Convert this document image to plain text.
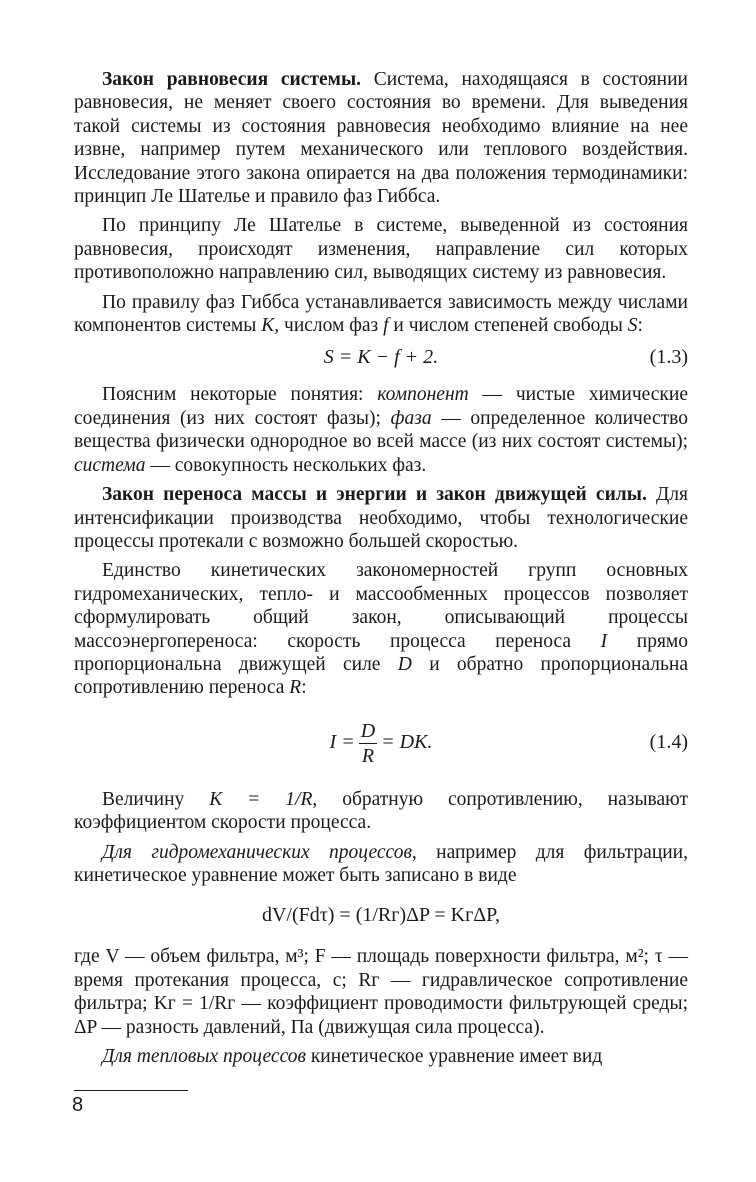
Закон равновесия системы. Система, находящаяся в состоянии равновесия, не меняет своего состояния во времени. Для выведения такой системы из состояния равновесия необходимо влияние на нее извне, например путем механического или теплового воздействия. Исследование этого закона опирается на два положения термодинамики: принцип Ле Шателье и правило фаз Гиббса.

По принципу Ле Шателье в системе, выведенной из состояния равновесия, происходят изменения, направление сил которых противоположно направлению сил, выводящих систему из равновесия.

По правилу фаз Гиббса устанавливается зависимость между числами компонентов системы K, числом фаз f и числом степеней свободы S:

S = K − f + 2.	(1.3)

Поясним некоторые понятия: компонент — чистые химические соединения (из них состоят фазы); фаза — определенное количество вещества физически однородное во всей массе (из них состоят системы); система — совокупность нескольких фаз.

Закон переноса массы и энергии и закон движущей силы. Для интенсификации производства необходимо, чтобы технологические процессы протекали с возможно большей скоростью.

Единство кинетических закономерностей групп основных гидромеханических, тепло- и массообменных процессов позволяет сформулировать общий закон, описывающий процессы массоэнергопереноса: скорость процесса переноса I прямо пропорциональна движущей силе D и обратно пропорциональна сопротивлению переноса R:

$I = \frac{D}{R}$ = DK.	(1.4)

Величину K = 1/R, обратную сопротивлению, называют коэффициентом скорости процесса.

Для гидромеханических процессов, например для фильтрации, кинетическое уравнение может быть записано в виде

dV/(Fdτ) = (1/Rг)ΔP = KгΔP,

где V — объем фильтра, м³; F — площадь поверхности фильтра, м²; τ — время протекания процесса, с; Rг — гидравлическое сопротивление фильтра; Kг = 1/Rг — коэффициент проводимости фильтрующей среды; ΔP — разность давлений, Па (движущая сила процесса).

Для тепловых процессов кинетическое уравнение имеет вид

8
